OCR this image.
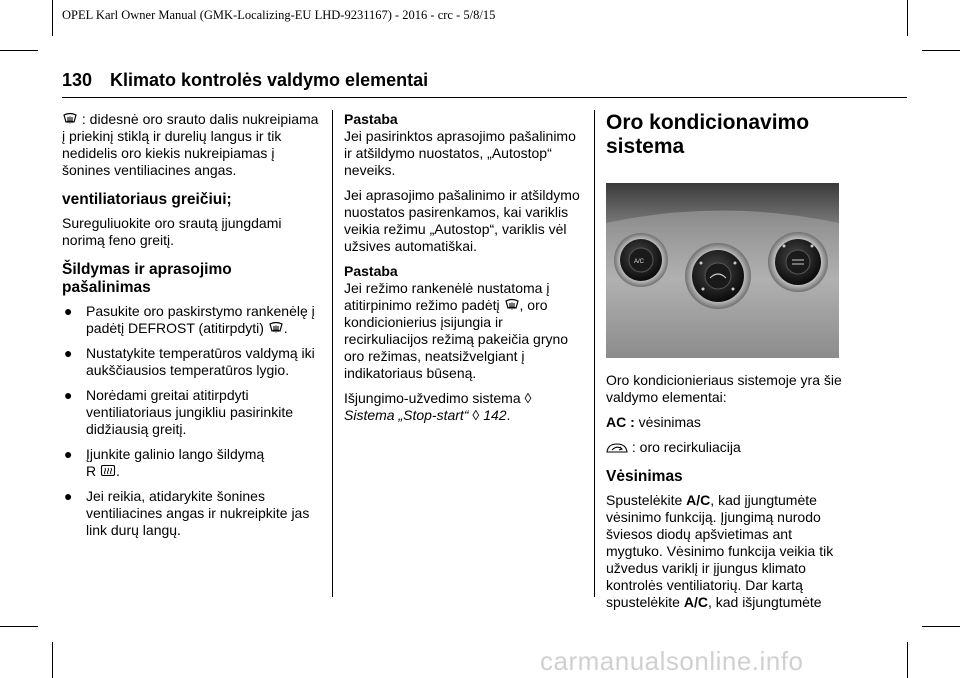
OPEL Karl Owner Manual (GMK-Localizing-EU LHD-9231167) - 2016 - crc - 5/8/15
130 Klimato kontrolės valdymo elementai

: didesnė oro srauto dalis nukreipiama į priekinį stiklą ir durelių langus ir tik nedidelis oro kiekis nukreipiamas į šonines ventiliacines angas.

ventiliatoriaus greičiui;

Sureguliuokite oro srautą įjungdami norimą feno greitį.

Šildymas ir aprasojimo pašalinimas
● Pasukite oro paskirstymo rankenėlę į padėtį DEFROST (atitirpdyti) .
● Nustatykite temperatūros valdymą iki aukščiausios temperatūros lygio.
● Norėdami greitai atitirpdyti ventiliatoriaus jungikliu pasirinkite didžiausią greitį.
● Įjunkite galinio lango šildymą
R .
● Jei reikia, atidarykite šonines ventiliacines angas ir nukreipkite jas link durų langų.

Pastaba

Jei pasirinktos aprasojimo pašalinimo ir atšildymo nuostatos, „Autostop“ neveiks.

Jei aprasojimo pašalinimo ir atšildymo nuostatos pasirenkamos, kai variklis veikia režimu „Autostop“, variklis vėl užsives automatiškai.

Pastaba

Jei režimo rankenėlė nustatoma į atitirpinimo režimo padėtį , oro kondicionierius įsijungia ir recirkuliacijos režimą pakeičia gryno oro režimas, neatsižvelgiant į indikatoriaus būseną.

Išjungimo-užvedimo sistema ◊
Sistema „Stop-start“ ◊ 142.

Oro kondicionavimo sistema
A/C

Oro kondicionieriaus sistemoje yra šie valdymo elementai:

AC : vėsinimas

: oro recirkuliacija

Vėsinimas

Spustelėkite A/C, kad įjungtumėte vėsinimo funkciją. Įjungimą nurodo šviesos diodų apšvietimas ant mygtuko. Vėsinimo funkcija veikia tik užvedus variklį ir įjungus klimato kontrolės ventiliatorių. Dar kartą spustelėkite A/C, kad išjungtumėte

carmanualsonline.info
